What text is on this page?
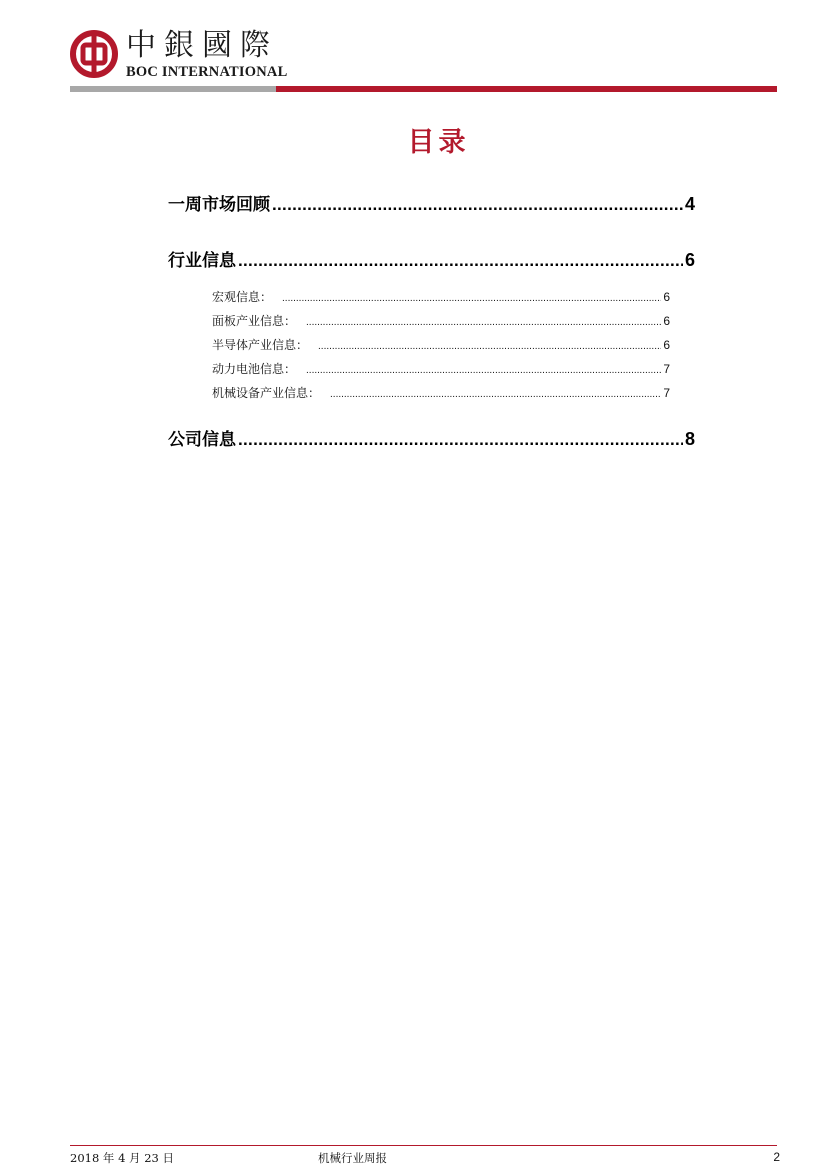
中銀國際
BOC INTERNATIONAL
目录
一周市场回顾 .....	4
行业信息 .....	6
宏观信息： .....	6
面板产业信息： .....	6
半导体产业信息： .....	6
动力电池信息： .....	7
机械设备产业信息： .....	7
公司信息 .....	8
2018 年 4 月 23 日	机械行业周报	2
